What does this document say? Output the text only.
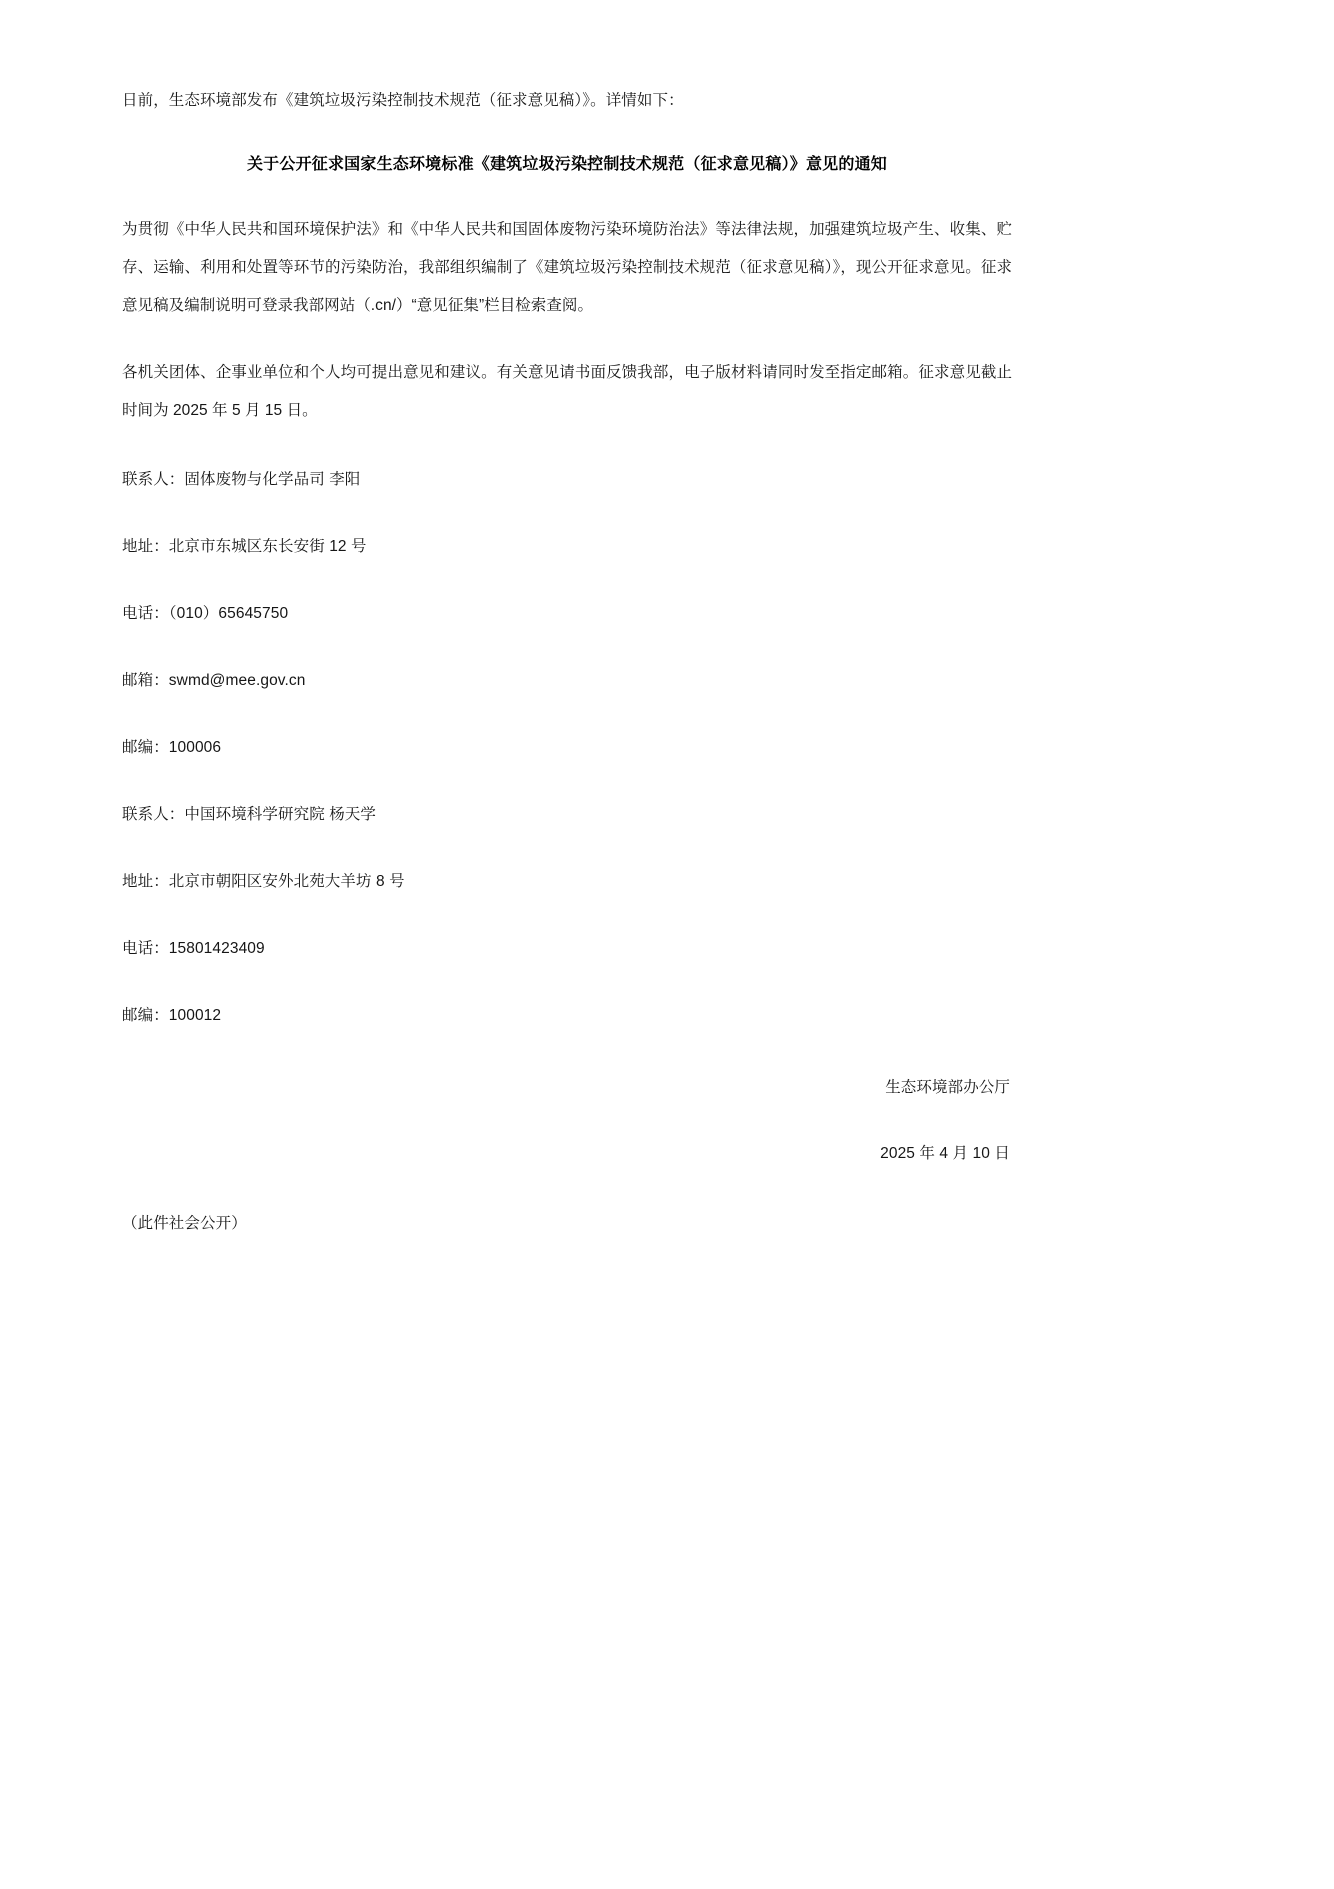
日前，生态环境部发布《建筑垃圾污染控制技术规范（征求意见稿）》。详情如下：

关于公开征求国家生态环境标准《建筑垃圾污染控制技术规范（征求意见稿）》意见的通知

为贯彻《中华人民共和国环境保护法》和《中华人民共和国固体废物污染环境防治法》等法律法规，加强建筑垃圾产生、收集、贮存、运输、利用和处置等环节的污染防治，我部组织编制了《建筑垃圾污染控制技术规范（征求意见稿）》，现公开征求意见。征求意见稿及编制说明可登录我部网站（.cn/）“意见征集”栏目检索查阅。

各机关团体、企事业单位和个人均可提出意见和建议。有关意见请书面反馈我部，电子版材料请同时发至指定邮箱。征求意见截止时间为 2025 年 5 月 15 日。

联系人：固体废物与化学品司 李阳

地址：北京市东城区东长安街 12 号

电话：（010）65645750

邮箱：swmd@mee.gov.cn

邮编：100006

联系人：中国环境科学研究院 杨天学

地址：北京市朝阳区安外北苑大羊坊 8 号

电话：15801423409

邮编：100012

生态环境部办公厅

2025 年 4 月 10 日

（此件社会公开）
